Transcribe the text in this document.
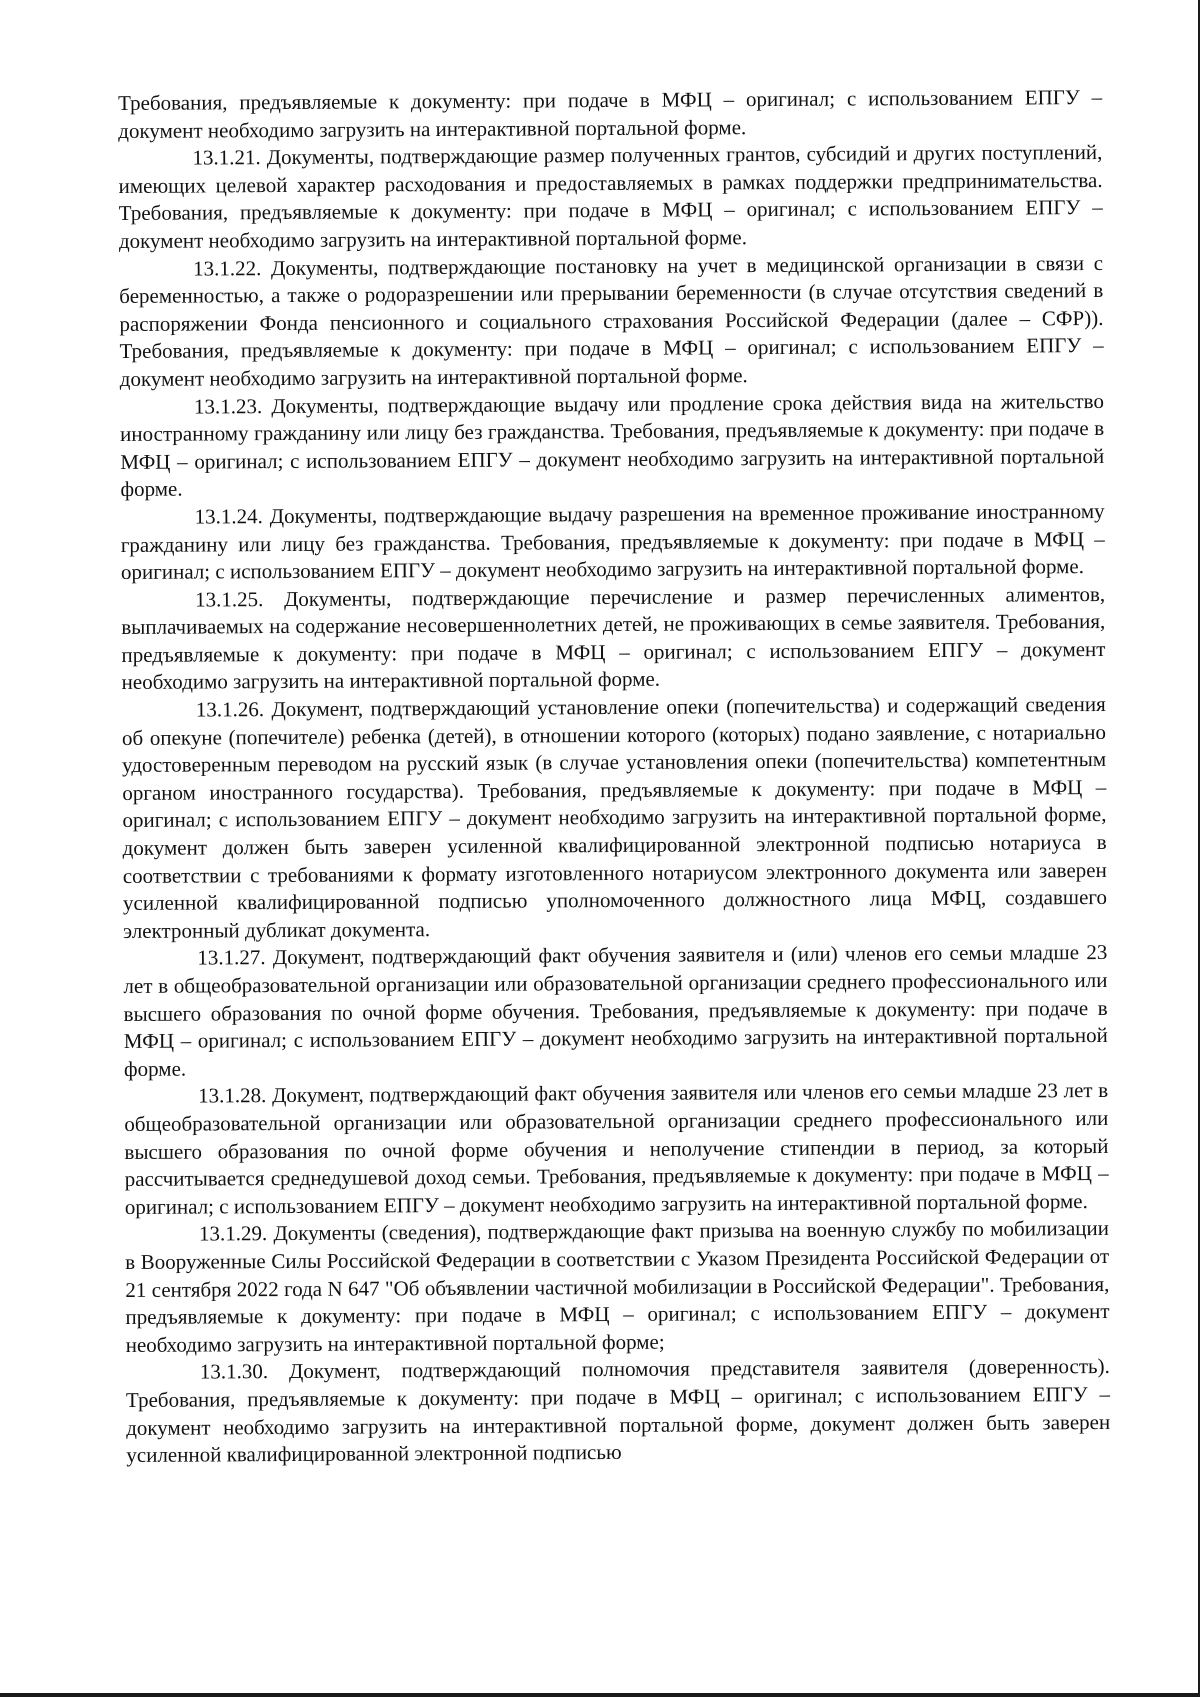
Требования, предъявляемые к документу: при подаче в МФЦ – оригинал; с использованием ЕПГУ – документ необходимо загрузить на интерактивной портальной форме.

13.1.21. Документы, подтверждающие размер полученных грантов, субсидий и других поступлений, имеющих целевой характер расходования и предоставляемых в рамках поддержки предпринимательства. Требования, предъявляемые к документу: при подаче в МФЦ – оригинал; с использованием ЕПГУ – документ необходимо загрузить на интерактивной портальной форме.

13.1.22. Документы, подтверждающие постановку на учет в медицинской организации в связи с беременностью, а также о родоразрешении или прерывании беременности (в случае отсутствия сведений в распоряжении Фонда пенсионного и социального страхования Российской Федерации (далее – СФР)). Требования, предъявляемые к документу: при подаче в МФЦ – оригинал; с использованием ЕПГУ – документ необходимо загрузить на интерактивной портальной форме.

13.1.23. Документы, подтверждающие выдачу или продление срока действия вида на жительство иностранному гражданину или лицу без гражданства. Требования, предъявляемые к документу: при подаче в МФЦ – оригинал; с использованием ЕПГУ – документ необходимо загрузить на интерактивной портальной форме.

13.1.24. Документы, подтверждающие выдачу разрешения на временное проживание иностранному гражданину или лицу без гражданства. Требования, предъявляемые к документу: при подаче в МФЦ – оригинал; с использованием ЕПГУ – документ необходимо загрузить на интерактивной портальной форме.

13.1.25. Документы, подтверждающие перечисление и размер перечисленных алиментов, выплачиваемых на содержание несовершеннолетних детей, не проживающих в семье заявителя. Требования, предъявляемые к документу: при подаче в МФЦ – оригинал; с использованием ЕПГУ – документ необходимо загрузить на интерактивной портальной форме.

13.1.26. Документ, подтверждающий установление опеки (попечительства) и содержащий сведения об опекуне (попечителе) ребенка (детей), в отношении которого (которых) подано заявление, с нотариально удостоверенным переводом на русский язык (в случае установления опеки (попечительства) компетентным органом иностранного государства). Требования, предъявляемые к документу: при подаче в МФЦ – оригинал; с использованием ЕПГУ – документ необходимо загрузить на интерактивной портальной форме, документ должен быть заверен усиленной квалифицированной электронной подписью нотариуса в соответствии с требованиями к формату изготовленного нотариусом электронного документа или заверен усиленной квалифицированной подписью уполномоченного должностного лица МФЦ, создавшего электронный дубликат документа.

13.1.27. Документ, подтверждающий факт обучения заявителя и (или) членов его семьи младше 23 лет в общеобразовательной организации или образовательной организации среднего профессионального или высшего образования по очной форме обучения. Требования, предъявляемые к документу: при подаче в МФЦ – оригинал; с использованием ЕПГУ – документ необходимо загрузить на интерактивной портальной форме.

13.1.28. Документ, подтверждающий факт обучения заявителя или членов его семьи младше 23 лет в общеобразовательной организации или образовательной организации среднего профессионального или высшего образования по очной форме обучения и неполучение стипендии в период, за который рассчитывается среднедушевой доход семьи. Требования, предъявляемые к документу: при подаче в МФЦ – оригинал; с использованием ЕПГУ – документ необходимо загрузить на интерактивной портальной форме.

13.1.29. Документы (сведения), подтверждающие факт призыва на военную службу по мобилизации в Вооруженные Силы Российской Федерации в соответствии с Указом Президента Российской Федерации от 21 сентября 2022 года N 647 "Об объявлении частичной мобилизации в Российской Федерации". Требования, предъявляемые к документу: при подаче в МФЦ – оригинал; с использованием ЕПГУ – документ необходимо загрузить на интерактивной портальной форме;

13.1.30. Документ, подтверждающий полномочия представителя заявителя (доверенность). Требования, предъявляемые к документу: при подаче в МФЦ – оригинал; с использованием ЕПГУ – документ необходимо загрузить на интерактивной портальной форме, документ должен быть заверен усиленной квалифицированной электронной подписью
